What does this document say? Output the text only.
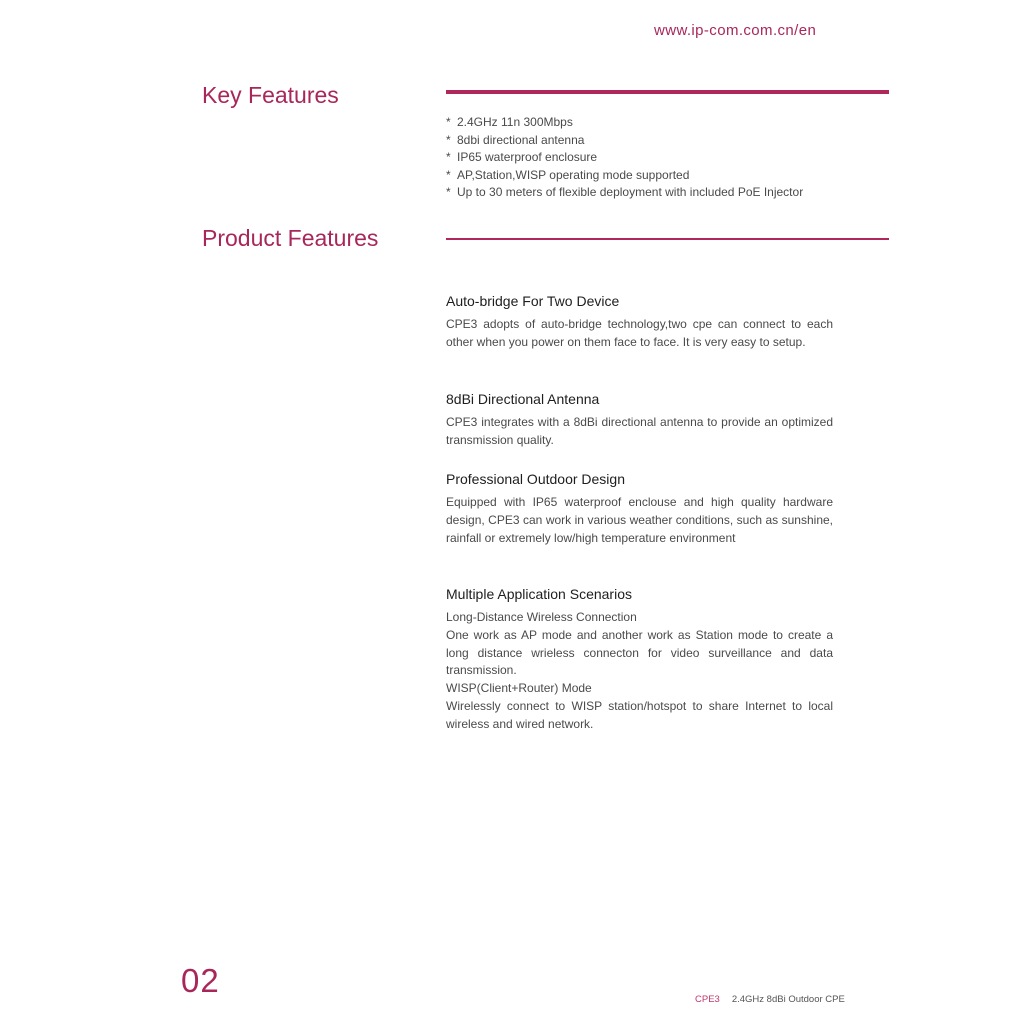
www.ip-com.com.cn/en
Key Features
* 2.4GHz 11n 300Mbps
* 8dbi directional antenna
* IP65 waterproof enclosure
* AP,Station,WISP operating mode supported
* Up to 30 meters of flexible deployment with included PoE Injector
Product Features
Auto-bridge For Two Device

CPE3 adopts of auto-bridge technology,two cpe can connect to each other when you power on them face to face. It is very easy to setup.

8dBi Directional Antenna

CPE3 integrates with a 8dBi directional antenna to provide an optimized transmission quality.

Professional Outdoor Design

Equipped with IP65 waterproof enclouse and high quality hardware design, CPE3 can work in various weather conditions, such as sunshine, rainfall or extremely low/high temperature environment

Multiple Application Scenarios

Long-Distance Wireless Connection

One work as AP mode and another work as Station mode to create a long distance wrieless connecton for video surveillance and data transmission.

WISP(Client+Router) Mode

Wirelessly connect to WISP station/hotspot to share Internet to local wireless and wired network.

02
CPE3 2.4GHz 8dBi Outdoor CPE
